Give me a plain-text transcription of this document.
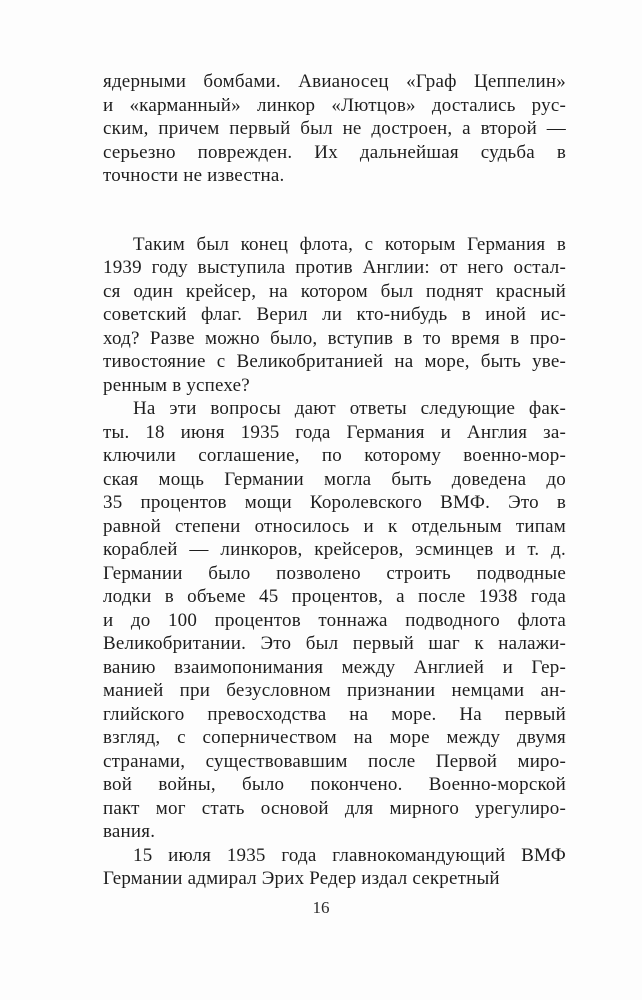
ядерными бомбами. Авианосец «Граф Цеппелин»
и «карманный» линкор «Лютцов» достались рус-
ским, причем первый был не достроен, а второй —
серьезно поврежден. Их дальнейшая судьба в
точности не известна.
Таким был конец флота, с которым Германия в
1939 году выступила против Англии: от него остал-
ся один крейсер, на котором был поднят красный
советский флаг. Верил ли кто-нибудь в иной ис-
ход? Разве можно было, вступив в то время в про-
тивостояние с Великобританией на море, быть уве-
ренным в успехе?
На эти вопросы дают ответы следующие фак-
ты. 18 июня 1935 года Германия и Англия за-
ключили соглашение, по которому военно-мор-
ская мощь Германии могла быть доведена до
35 процентов мощи Королевского ВМФ. Это в
равной степени относилось и к отдельным типам
кораблей — линкоров, крейсеров, эсминцев и т. д.
Германии было позволено строить подводные
лодки в объеме 45 процентов, а после 1938 года
и до 100 процентов тоннажа подводного флота
Великобритании. Это был первый шаг к налажи-
ванию взаимопонимания между Англией и Гер-
манией при безусловном признании немцами ан-
глийского превосходства на море. На первый
взгляд, с соперничеством на море между двумя
странами, существовавшим после Первой миро-
вой войны, было покончено. Военно-морской
пакт мог стать основой для мирного урегулиро-
вания.
15 июля 1935 года главнокомандующий ВМФ
Германии адмирал Эрих Редер издал секретный
16
